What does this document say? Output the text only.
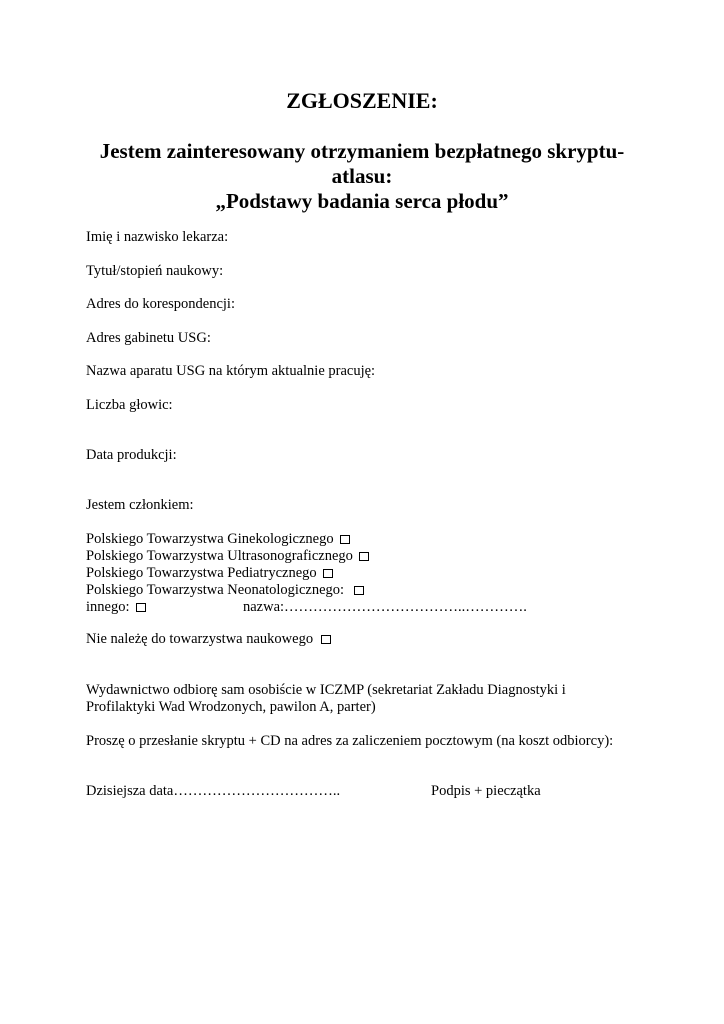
ZGŁOSZENIE:
Jestem zainteresowany otrzymaniem bezpłatnego skryptu-
atlasu:
„Podstawy badania serca płodu”
Imię i nazwisko lekarza:
Tytuł/stopień naukowy:
Adres do korespondencji:
Adres gabinetu USG:
Nazwa aparatu USG na którym aktualnie pracuję:
Liczba głowic:
Data produkcji:
Jestem członkiem:
Polskiego Towarzystwa Ginekologicznego
Polskiego Towarzystwa Ultrasonograficznego
Polskiego Towarzystwa Pediatrycznego
Polskiego Towarzystwa Neonatologicznego:
innego:	nazwa:………………………………..………….
Nie należę do towarzystwa naukowego
Wydawnictwo odbiorę sam osobiście w ICZMP (sekretariat Zakładu Diagnostyki i
Profilaktyki Wad Wrodzonych, pawilon A, parter)
Proszę o przesłanie skryptu + CD na adres za zaliczeniem pocztowym (na koszt odbiorcy):
Dzisiejsza data……………………………..	Podpis + pieczątka
